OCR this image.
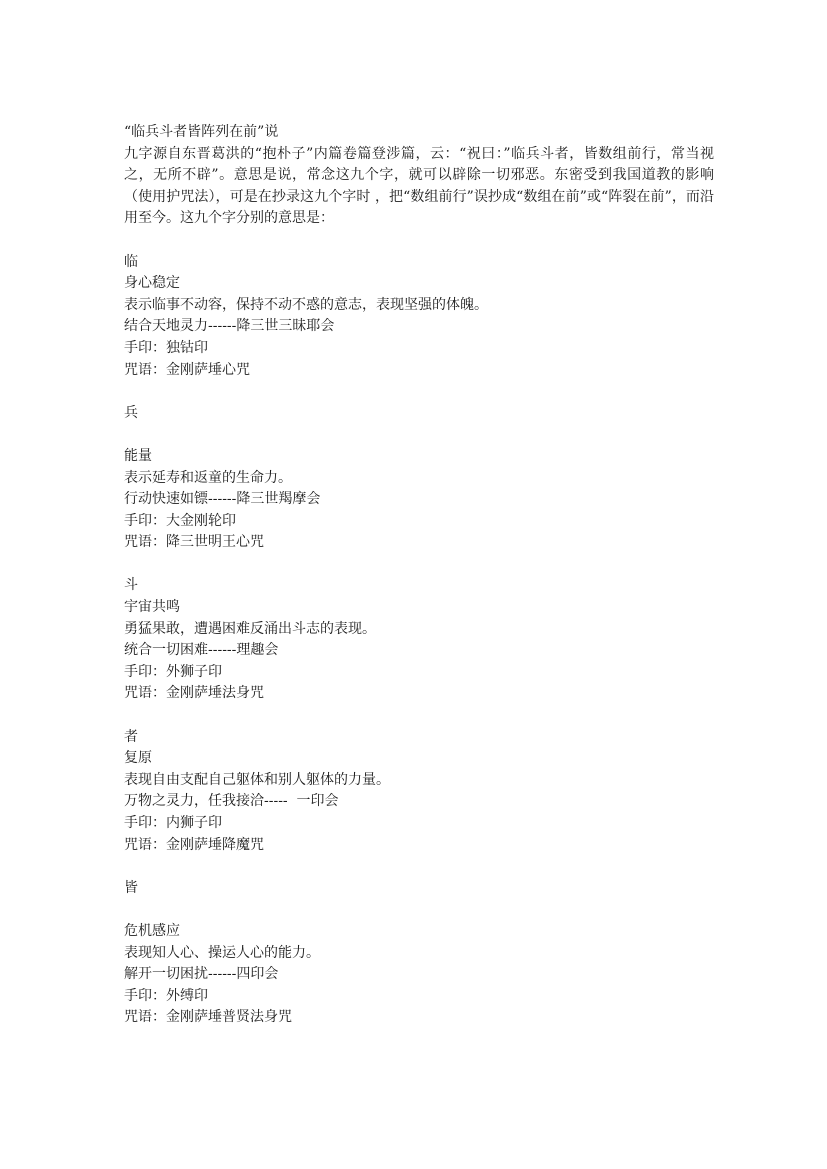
“临兵斗者皆阵列在前”说
九字源自东晋葛洪的“抱朴子”内篇卷篇登涉篇，云：“祝曰：”临兵斗者，皆数组前行，常当视之，无所不辟”。意思是说，常念这九个字，就可以辟除一切邪恶。东密受到我国道教的影响（使用护咒法），可是在抄录这九个字时 ，把“数组前行”误抄成“数组在前”或“阵裂在前”，而沿用至今。这九个字分别的意思是：
临
身心稳定
表示临事不动容，保持不动不惑的意志，表现坚强的体魄。
结合天地灵力------降三世三昧耶会
手印：独钴印
咒语：金刚萨埵心咒
兵
能量
表示延寿和返童的生命力。
行动快速如镖------降三世羯摩会
手印：大金刚轮印
咒语：降三世明王心咒
斗
宇宙共鸣
勇猛果敢，遭遇困难反涌出斗志的表现。
统合一切困难------理趣会
手印：外狮子印
咒语：金刚萨埵法身咒
者
复原
表现自由支配自己躯体和别人躯体的力量。
万物之灵力，任我接洽-----  一印会
手印：内狮子印
咒语：金刚萨埵降魔咒
皆
危机感应
表现知人心、操运人心的能力。
解开一切困扰------四印会
手印：外缚印
咒语：金刚萨埵普贤法身咒
